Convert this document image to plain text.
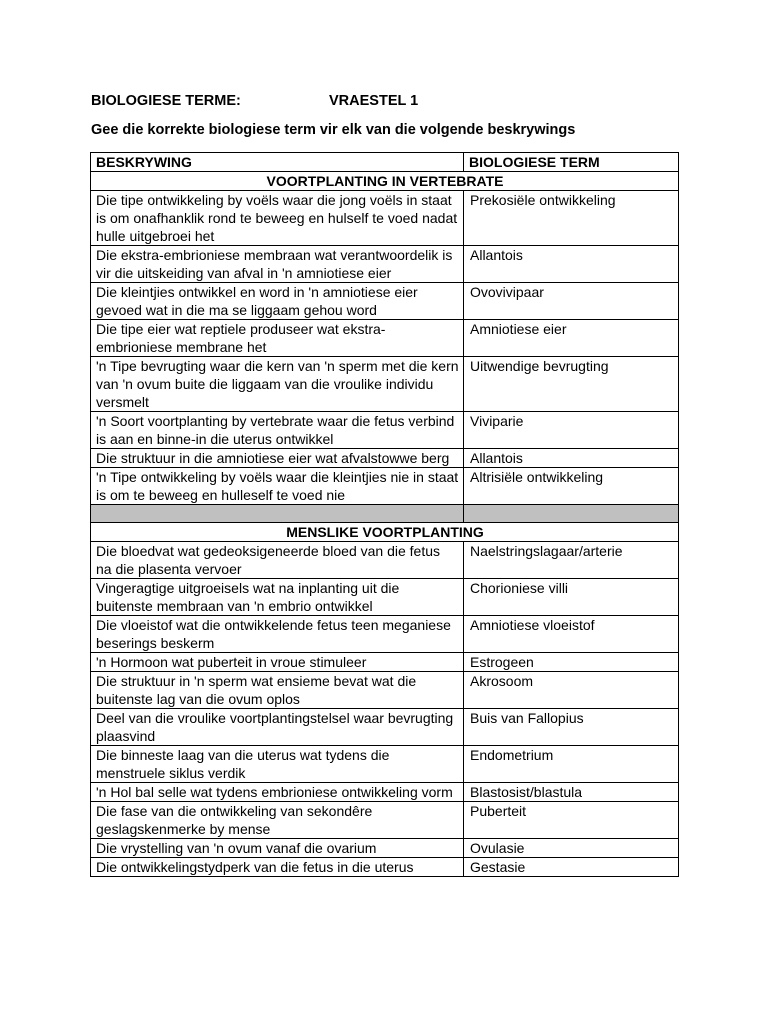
BIOLOGIESE TERME:	VRAESTEL 1
Gee die korrekte biologiese term vir elk van die volgende beskrywings
BESKRYWING	BIOLOGIESE TERM
VOORTPLANTING IN VERTEBRATE	
Die tipe ontwikkeling by voëls waar die jong voëls in staat is om onafhanklik rond te beweeg en hulself te voed nadat hulle uitgebroei het	Prekosiële ontwikkeling
Die ekstra-embrioniese membraan wat verantwoordelik is vir die uitskeiding van afval in 'n amniotiese eier	Allantois
Die kleintjies ontwikkel en word in 'n amniotiese eier gevoed wat in die ma se liggaam gehou word	Ovovivipaar
Die tipe eier wat reptiele produseer wat ekstra-embrioniese membrane het	Amniotiese eier
'n Tipe bevrugting waar die kern van 'n sperm met die kern van 'n ovum buite die liggaam van die vroulike individu versmelt	Uitwendige bevrugting
'n Soort voortplanting by vertebrate waar die fetus verbind is aan en binne-in die uterus ontwikkel	Viviparie
Die struktuur in die amniotiese eier wat afvalstowwe berg	Allantois
'n Tipe ontwikkeling by voëls waar die kleintjies nie in staat is om te beweeg en hulleself te voed nie	Altrisiële ontwikkeling

MENSLIKE VOORTPLANTING	
Die bloedvat wat gedeoksigeneerde bloed van die fetus na die plasenta vervoer	Naelstringslagaar/arterie
Vingeragtige uitgroeisels wat na inplanting uit die buitenste membraan van 'n embrio ontwikkel	Chorioniese villi
Die vloeistof wat die ontwikkelende fetus teen meganiese beserings beskerm	Amniotiese vloeistof
'n Hormoon wat puberteit in vroue stimuleer	Estrogeen
Die struktuur in 'n sperm wat ensieme bevat wat die buitenste lag van die ovum oplos	Akrosoom
Deel van die vroulike voortplantingstelsel waar bevrugting plaasvind	Buis van Fallopius
Die binneste laag van die uterus wat tydens die menstruele siklus verdik	Endometrium
'n Hol bal selle wat tydens embrioniese ontwikkeling vorm	Blastosist/blastula
Die fase van die ontwikkeling van sekondêre geslagskenmerke by mense	Puberteit
Die vrystelling van 'n ovum vanaf die ovarium	Ovulasie
Die ontwikkelingstydperk van die fetus in die uterus	Gestasie
